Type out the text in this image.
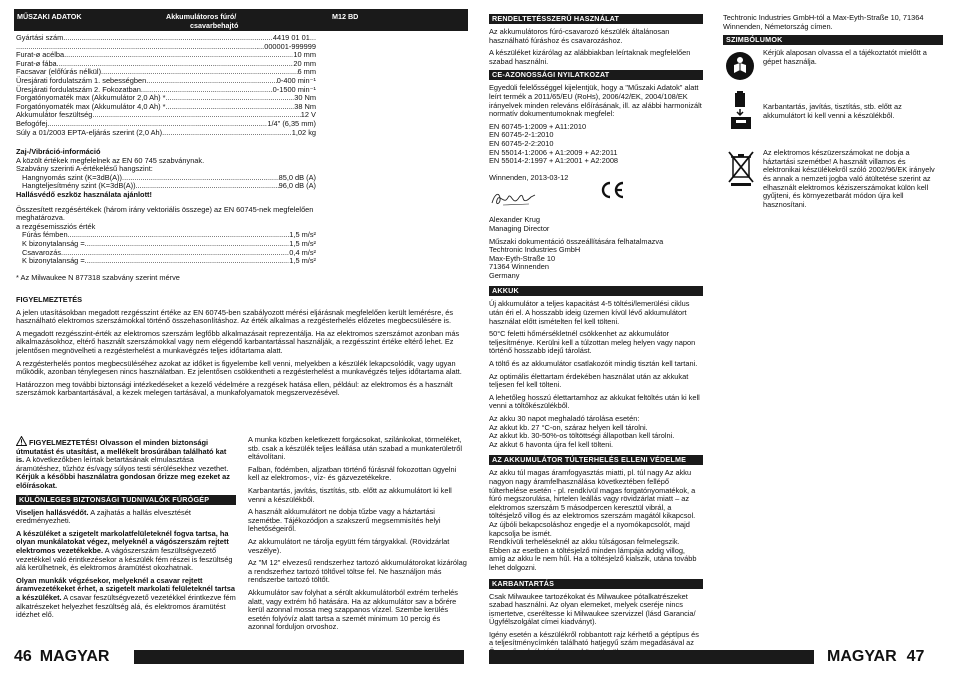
MŰSZAKI ADATOK	Akkumulátoros fúró/
csavarbehajtó
M12 BD
Gyártási szám .....	4419 01 01...
.....
...000001-999999
Furat-ø acélba .....	10 mm
Furat-ø fába .....	20 mm
Facsavar (előfúrás nélkül) .....	6 mm
Üresjárati fordulatszám 1. sebességben .....	0-400 min⁻¹
Üresjárati fordulatszám 2. Fokozatban .....	0-1500 min⁻¹
Forgatónyomaték max (Akkumulátor 2,0 Ah) * .....	30 Nm
Forgatónyomaték max (Akkumulátor 4,0 Ah) * .....	38 Nm
Akkumulátor feszültség .....	12 V
Befogófej .....	1/4" (6,35 mm)
Súly a 01/2003 EPTA-eljárás szerint (2,0 Ah) .....	1,02 kg
Zaj-/Vibráció-információ
A közölt értékek megfelelnek az EN 60 745 szabványnak.
Szabvány szerinti A-értékelésű hangszint:
Hangnyomás szint (K=3dB(A)) .....	85,0 dB (A)
Hangteljesítmény szint (K=3dB(A)) .....	96,0 dB (A)
Hallásvédő eszköz használata ajánlott!
Összesített rezgésértékek (három irány vektoriális összege) az EN 60745-nek megfelelően meghatározva.
a rezgésemissziós érték
Fúrás fémben .....	1,5 m/s²
K bizonytalanság = .....	1,5 m/s²
Csavarozás .....	0,4 m/s²
K bizonytalanság = .....	1,5 m/s²
* Az Milwaukee N 877318 szabvány szerint mérve
FIGYELMEZTETÉS

A jelen utasításokban megadott rezgésszint értéke az EN 60745-ben szabályozott mérési eljárásnak megfelelően került lemérésre, és használható elektromos szerszámokkal történő összehasonlításhoz. Az érték alkalmas a rezgésterhelés előzetes megbecsülésére is.

A megadott rezgésszint-érték az elektromos szerszám legfőbb alkalmazásait reprezentálja. Ha az elektromos szerszámot azonban más alkalmazásokhoz, eltérő használt szerszámokkal vagy nem elégendő karbantartással használják, a rezgésszint értéke eltérő lehet. Ez jelentősen megnövelheti a rezgésterhelést a munkavégzés teljes időtartama alatt.

A rezgésterhelés pontos megbecsüléséhez azokat az időket is figyelembe kell venni, melyekben a készülék lekapcsolódik, vagy ugyan működik, azonban ténylegesen nincs használatban. Ez jelentősen csökkentheti a rezgésterhelést a munkavégzés teljes időtartama alatt.

Határozzon meg további biztonsági intézkedéseket a kezelő védelmére a rezgések hatása ellen, például: az elektromos és a használt szerszámok karbantartásával, a kezek melegen tartásával, a munkafolyamatok megszervezésével.

FIGYELMEZTETÉS! Olvasson el minden biztonsági útmutatást és utasítást, a mellékelt brosúrában található kat is. A következőkben leírtak betartásának elmulasztása áramütéshez, tűzhöz és/vagy súlyos testi sérülésekhez vezethet.

Kérjük a későbbi használatra gondosan őrizze meg ezeket az előírásokat.

KÜLÖNLEGES BIZTONSÁGI TUDNIVALÓK FÚRÓGÉP

Viseljen hallásvédőt. A zajhatás a hallás elvesztését eredményezheti.

A készüléket a szigetelt markolatfelületeknél fogva tartsa, ha olyan munkálatokat végez, melyeknél a vágószerszám rejtett elektromos vezetékekbe. A vágószerszám feszültségvezető vezetékkel való érintkezésekor a készülék fém részei is feszültség alá kerülhetnek, és elektromos áramütést okozhatnak.

Olyan munkák végzésekor, melyeknél a csavar rejtett áramvezetékeket érhet, a szigetelt markolati felületeknél tartsa a készüléket. A csavar feszültségvezető vezetékkel érintkezve fém alkatrészeket helyezhet feszültség alá, és elektromos áramütést idézhet elő.

A munka közben keletkezett forgácsokat, szilánkokat, törmeléket, stb. csak a készülék teljes leállása után szabad a munkaterületről eltávolítani.

Falban, födémben, aljzatban történő fúrásnál fokozottan ügyelni kell az elektromos-, víz- és gázvezetékekre.

Karbantartás, javítás, tisztítás, stb. előtt az akkumulátort ki kell venni a készülékből.

A használt akkumulátort ne dobja tűzbe vagy a háztartási szemétbe. Tájékozódjon a szakszerű megsemmisítés helyi lehetőségeiről.

Az akkumulátort ne tárolja együtt fém tárgyakkal. (Rövidzárlat veszélye).

Az "M 12" elvezesű rendszerhez tartozó akkumulátorokat kizárólag a rendszerhez tartozó töltővel töltse fel. Ne használjon más rendszerbe tartozó töltőt.

Akkumulátor sav folyhat a sérült akkumulátorból extrém terhelés alatt, vagy extrém hő hatására. Ha az akkumulátor sav a bőrére kerül azonnal mossa meg szappanos vízzel. Szembe kerülés esetén folyóvíz alatt tartsa a szemét minimum 10 percig és azonnal forduljon orvoshoz.

46 MAGYAR
RENDELTETÉSSZERŰ HASZNÁLAT

Az akkumulátoros fúró-csavarozó készülék általánosan használható fúráshoz és csavarozáshoz.

A készüléket kizárólag az alábbiakban leírtaknak megfelelően szabad használni.

CE-AZONOSSÁGI NYILATKOZAT

Egyedüli felelősséggel kijelentjük, hogy a "Műszaki Adatok" alatt leírt termék a 2011/65/EU (RoHs), 2006/42/EK, 2004/108/EK irányelvek minden releváns előírásának, ill. az alábbi harmonizált normatív dokumentumoknak megfelel:

EN 60745-1:2009 + A11:2010
EN 60745-2-1:2010
EN 60745-2-2:2010
EN 55014-1:2006 + A1:2009 + A2:2011
EN 55014-2:1997 + A1:2001 + A2:2008
Winnenden, 2013-03-12
Alexander Krug
Managing Director
Műszaki dokumentáció összeállítására felhatalmazva
Techtronic Industries GmbH
Max-Eyth-Straße 10
71364 Winnenden
Germany
AKKUK

Új akkumulátor a teljes kapacitást 4-5 töltési/lemerülési ciklus után éri el. A hosszabb ideig üzemen kívül lévő akkumulátort használat előtt ismételten fel kell tölteni.

50°C feletti hőmérsékletnél csökkenhet az akkumulátor teljesítménye. Kerülni kell a túlzottan meleg helyen vagy napon történő hosszabb idejű tárolást.

A töltő és az akkumulátor csatlakozóit mindig tisztán kell tartani.

Az optimális élettartam érdekében használat után az akkukat teljesen fel kell tölteni.

A lehetőleg hosszú élettartamhoz az akkukat feltöltés után ki kell venni a töltőkészülékből.

Az akku 30 napot meghaladó tárolása esetén:
Az akkut kb. 27 °C-on, száraz helyen kell tárolni.
Az akkut kb. 30-50%-os töltöttségi állapotban kell tárolni.
Az akkut 6 havonta újra fel kell tölteni.
AZ AKKUMULÁTOR TÚLTERHELÉS ELLENI VÉDELME
Az akku túl magas áramfogyasztás miatti, pl. túl nagy Az akku nagyon nagy áramfelhasználása következtében fellépő túlterhelése esetén - pl. rendkívül magas forgatónyomatékok, a fúró megszorulása, hirtelen leállás vagy rövidzárlat miatt – az elektromos szerszám 5 másodpercen keresztül vibrál, a töltésjelző villog és az elektromos szerszám magától kikapcsol.
Az újbóli bekapcsoláshoz engedje el a nyomókapcsolót, majd kapcsolja be ismét.
Rendkívüli terheléseknél az akku túlságosan felmelegszik. Ebben az esetben a töltésjelző minden lámpája addig villog, amíg az akku le nem hűl. Ha a töltésjelző kialszik, utána tovább lehet dolgozni.
KARBANTARTÁS

Csak Milwaukee tartozékokat és Milwaukee pótalkatrészeket szabad használni. Az olyan elemeket, melyek cseréje nincs ismertetve, cseréltesse ki Milwaukee szervizzel (lásd Garancia/Ügyfélszolgálat címei kiadványt).

Igény esetén a készülékről robbantott rajz kérhető a géptípus és a teljesítménycímkén található hatjegyű szám megadásával az

Techtronic Industries GmbH-tól a Max-Eyth-Straße 10, 71364 Winnenden, Németország címen.

SZIMBÓLUMOK
Kérjük alaposan olvassa el a tájékoztatót mielőtt a gépet használja.
Karbantartás, javítás, tisztítás, stb. előtt az akkumulátort ki kell venni a készülékből.
Az elektromos készüzerszámokat ne dobja a háztartási szemétbe! A használt villamos és elektronikai készülékekről szóló 2002/96/EK irányelv és annak a nemzeti jogba való átültetése szerint az elhasznált elektromos kéziszerszámokat külön kell gyűjteni, és környezetbarát módon újra kell hasznosítani.
MAGYAR 47
